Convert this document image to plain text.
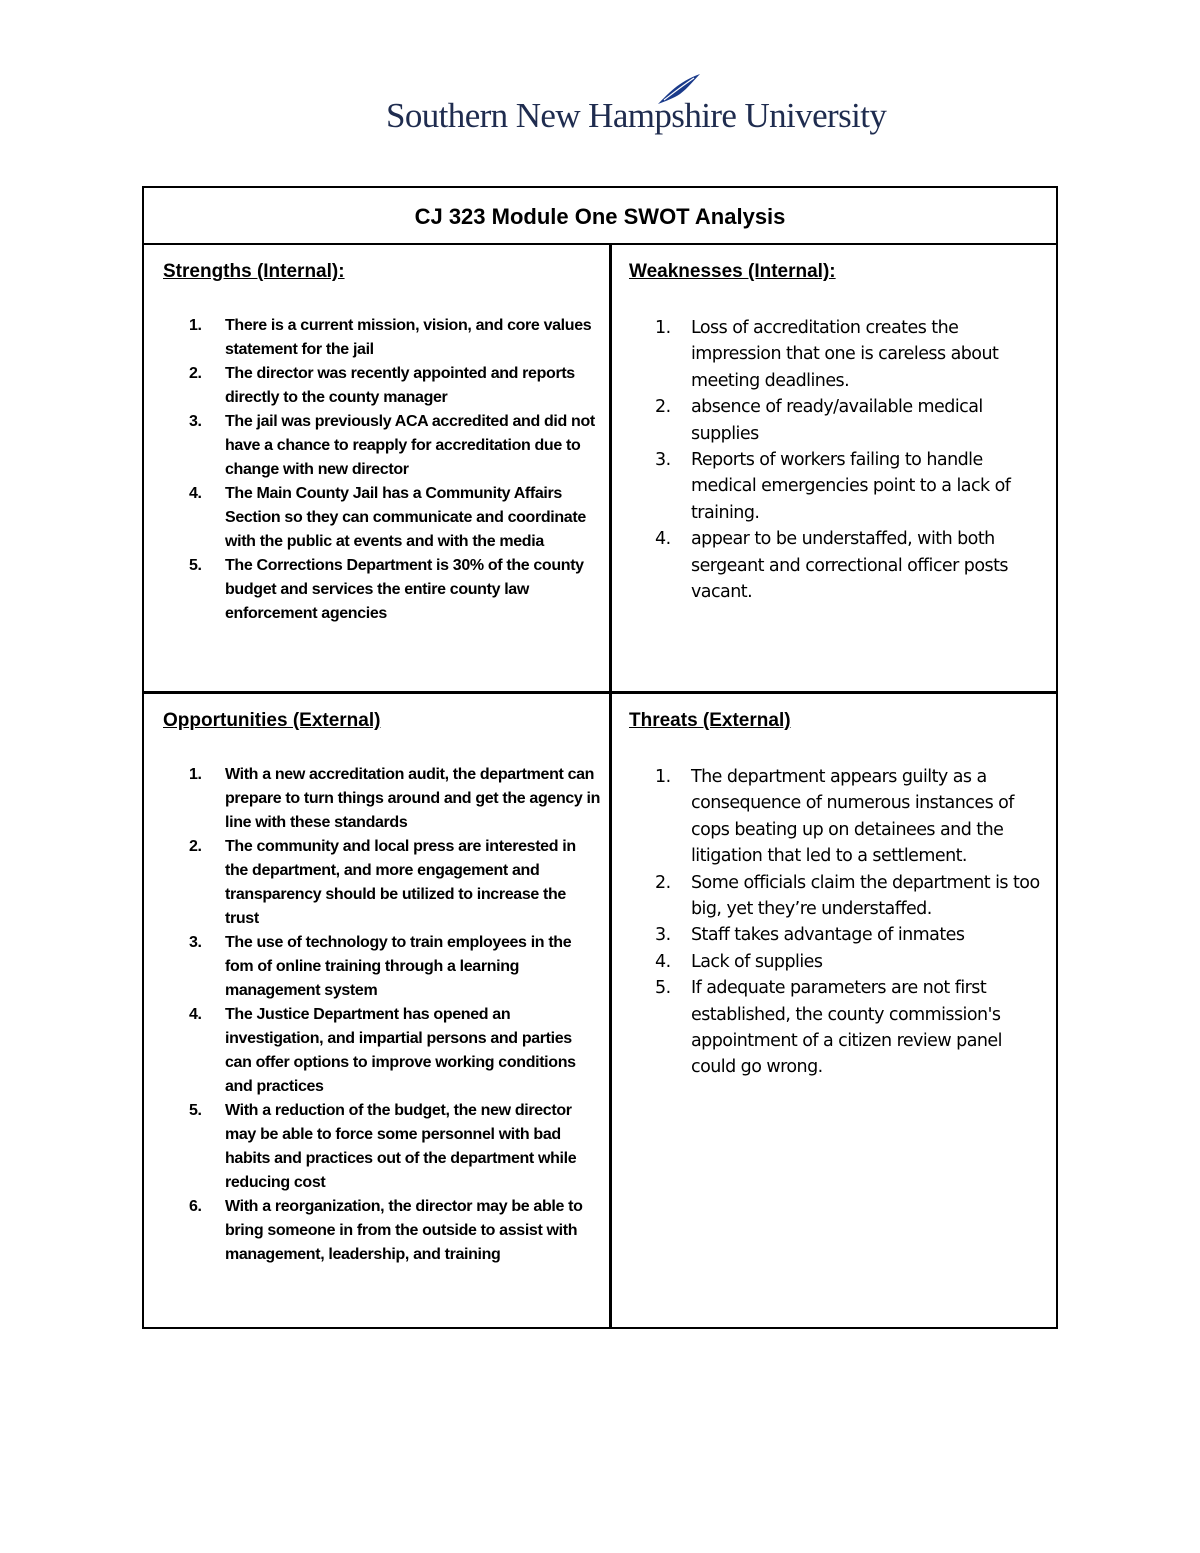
Southern New Hampshire University
CJ 323 Module One SWOT Analysis

Strengths (Internal):

1. There is a current mission, vision, and core values statement for the jail
2. The director was recently appointed and reports directly to the county manager
3. The jail was previously ACA accredited and did not have a chance to reapply for accreditation due to change with new director
4. The Main County Jail has a Community Affairs Section so they can communicate and coordinate with the public at events and with the media
5. The Corrections Department is 30% of the county budget and services the entire county law enforcement agencies

Weaknesses (Internal):

1. Loss of accreditation creates the impression that one is careless about meeting deadlines.
2. absence of ready/available medical supplies
3. Reports of workers failing to handle medical emergencies point to a lack of training.
4. appear to be understaffed, with both sergeant and correctional officer posts vacant.

Opportunities (External)

1. With a new accreditation audit, the department can prepare to turn things around and get the agency in line with these standards
2. The community and local press are interested in the department, and more engagement and transparency should be utilized to increase the trust
3. The use of technology to train employees in the fom of online training through a learning management system
4. The Justice Department has opened an investigation, and impartial persons and parties can offer options to improve working conditions and practices
5. With a reduction of the budget, the new director may be able to force some personnel with bad habits and practices out of the department while reducing cost
6. With a reorganization, the director may be able to bring someone in from the outside to assist with management, leadership, and training

Threats (External)

1. The department appears guilty as a consequence of numerous instances of cops beating up on detainees and the litigation that led to a settlement.
2. Some officials claim the department is too big, yet they’re understaffed.
3. Staff takes advantage of inmates
4. Lack of supplies
5. If adequate parameters are not first established, the county commission's appointment of a citizen review panel could go wrong.
